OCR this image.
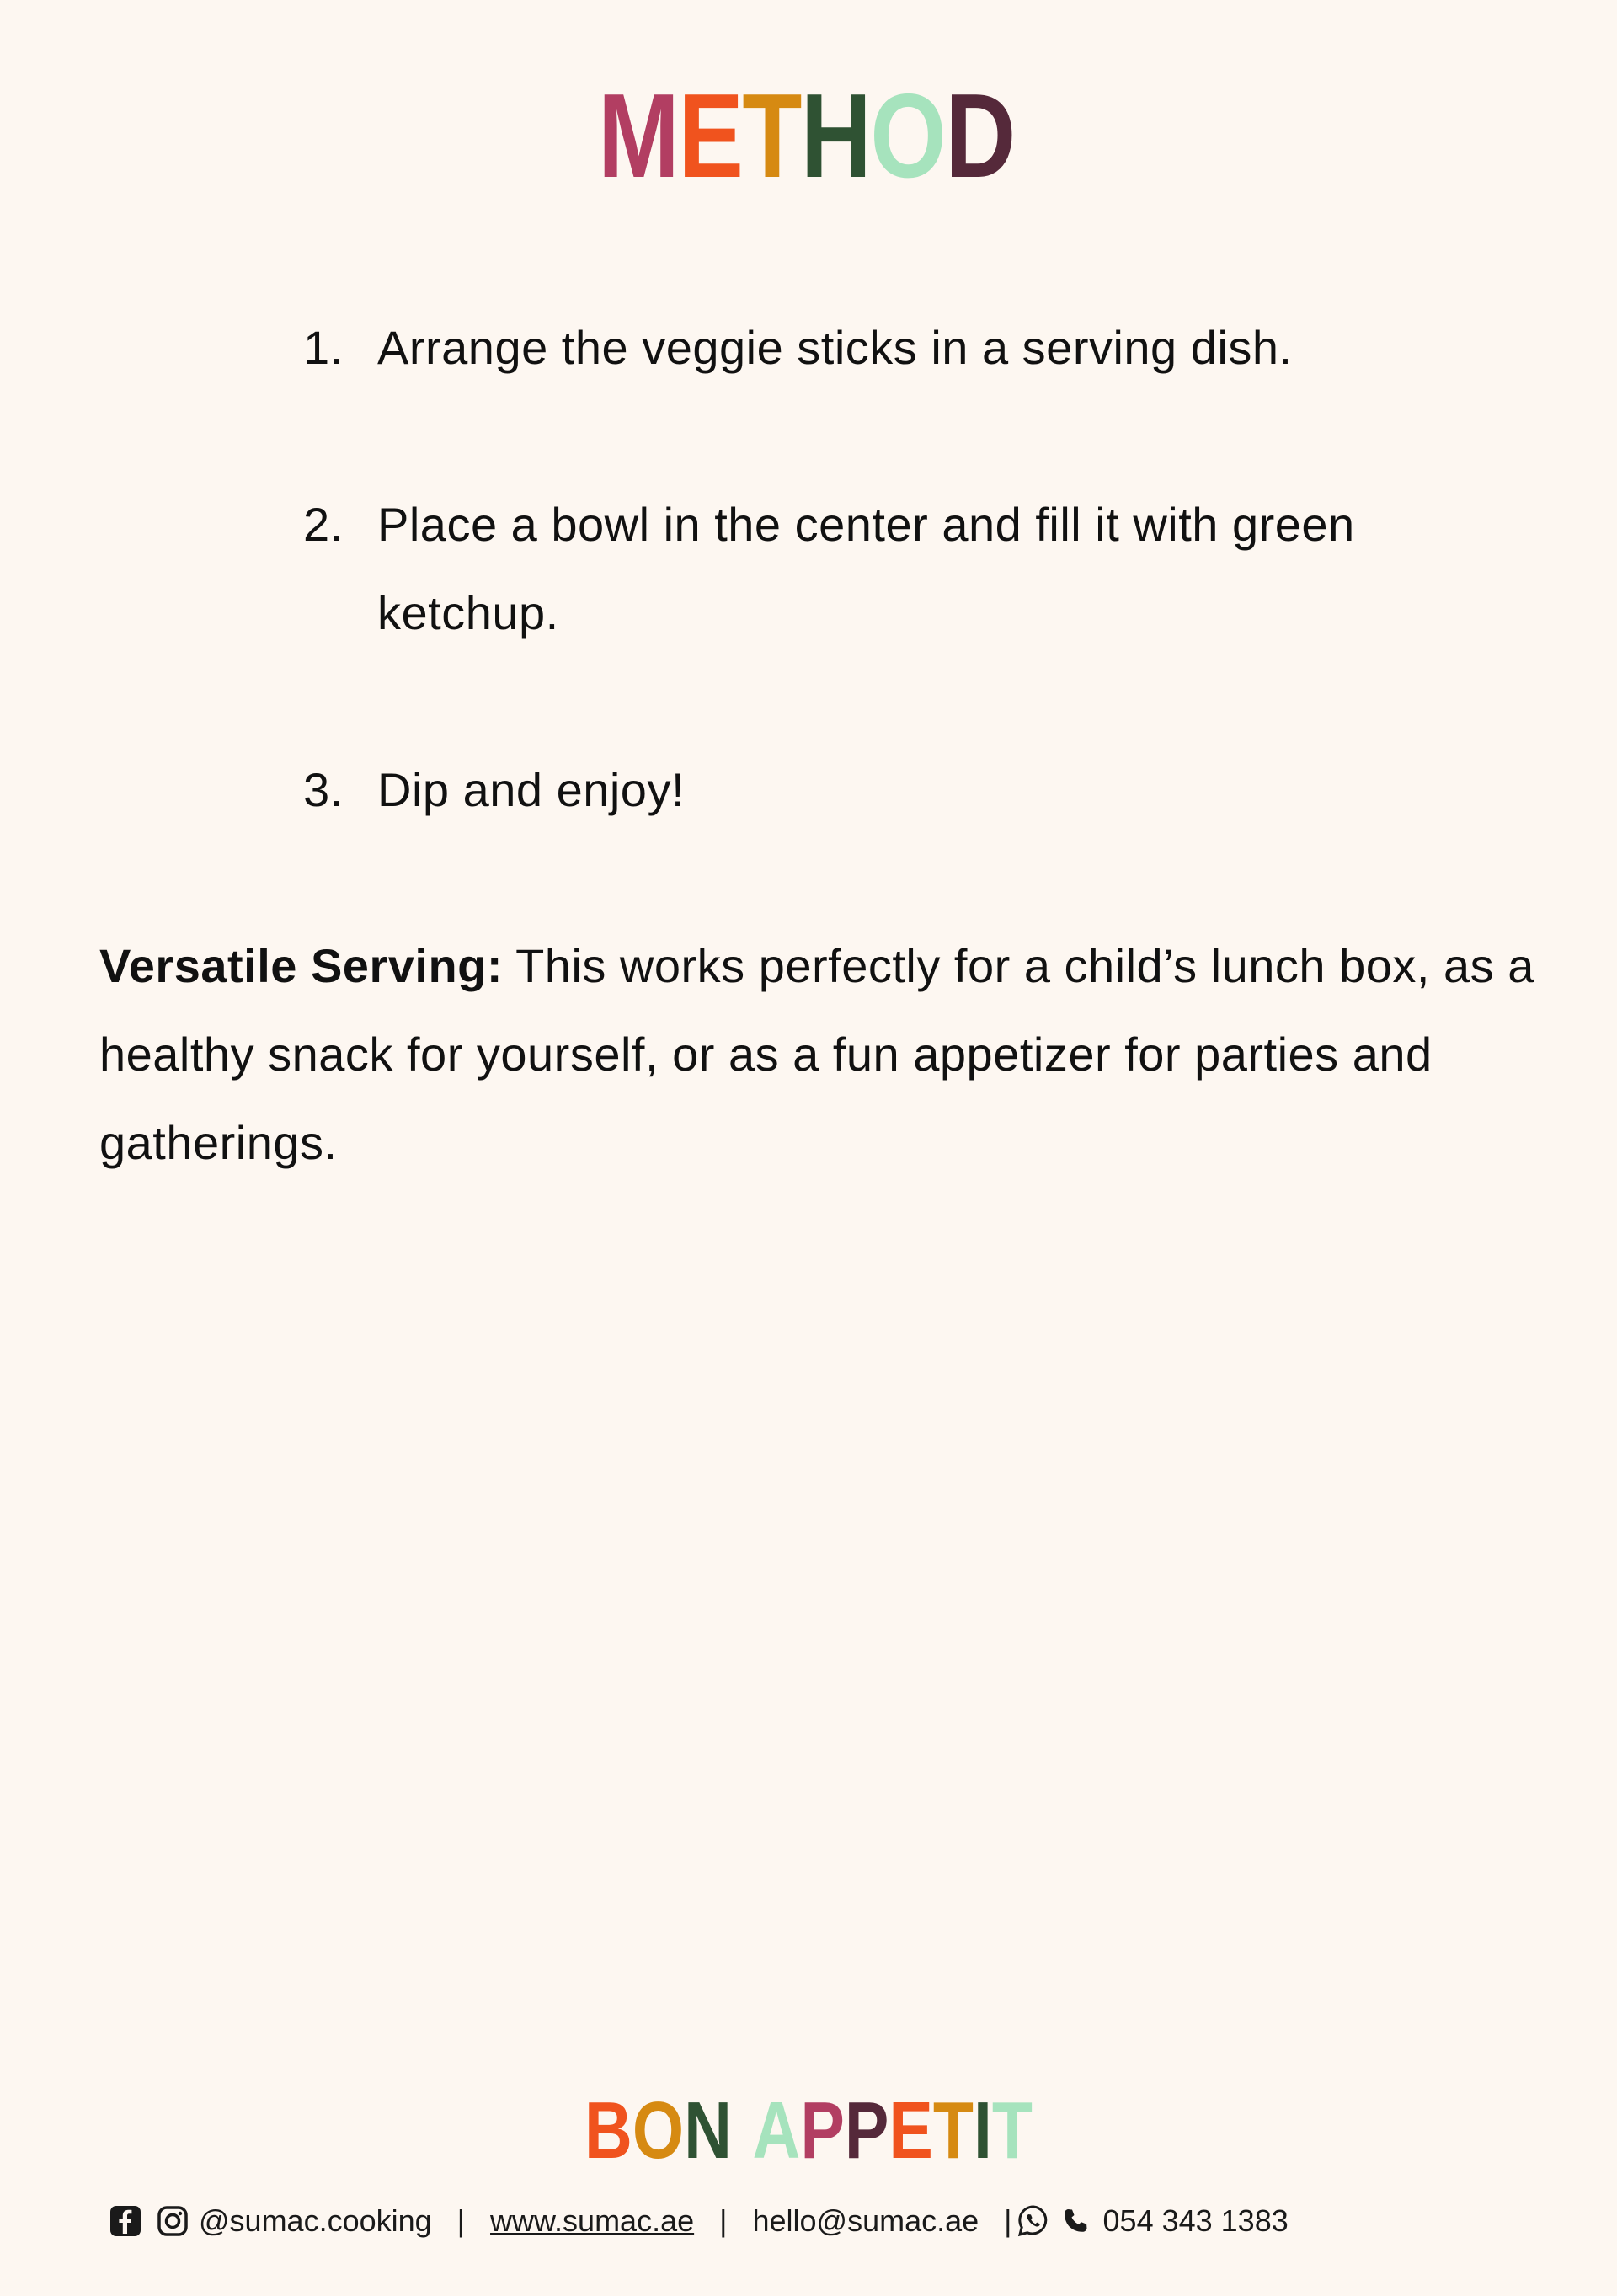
METHOD
1. Arrange the veggie sticks in a serving dish.
2. Place a bowl in the center and fill it with green ketchup.
3. Dip and enjoy!

Versatile Serving: This works perfectly for a child’s lunch box, as a healthy snack for yourself, or as a fun appetizer for parties and gatherings.

BON APPETIT
@sumac.cooking | www.sumac.ae | hello@sumac.ae |	054 343 1383
